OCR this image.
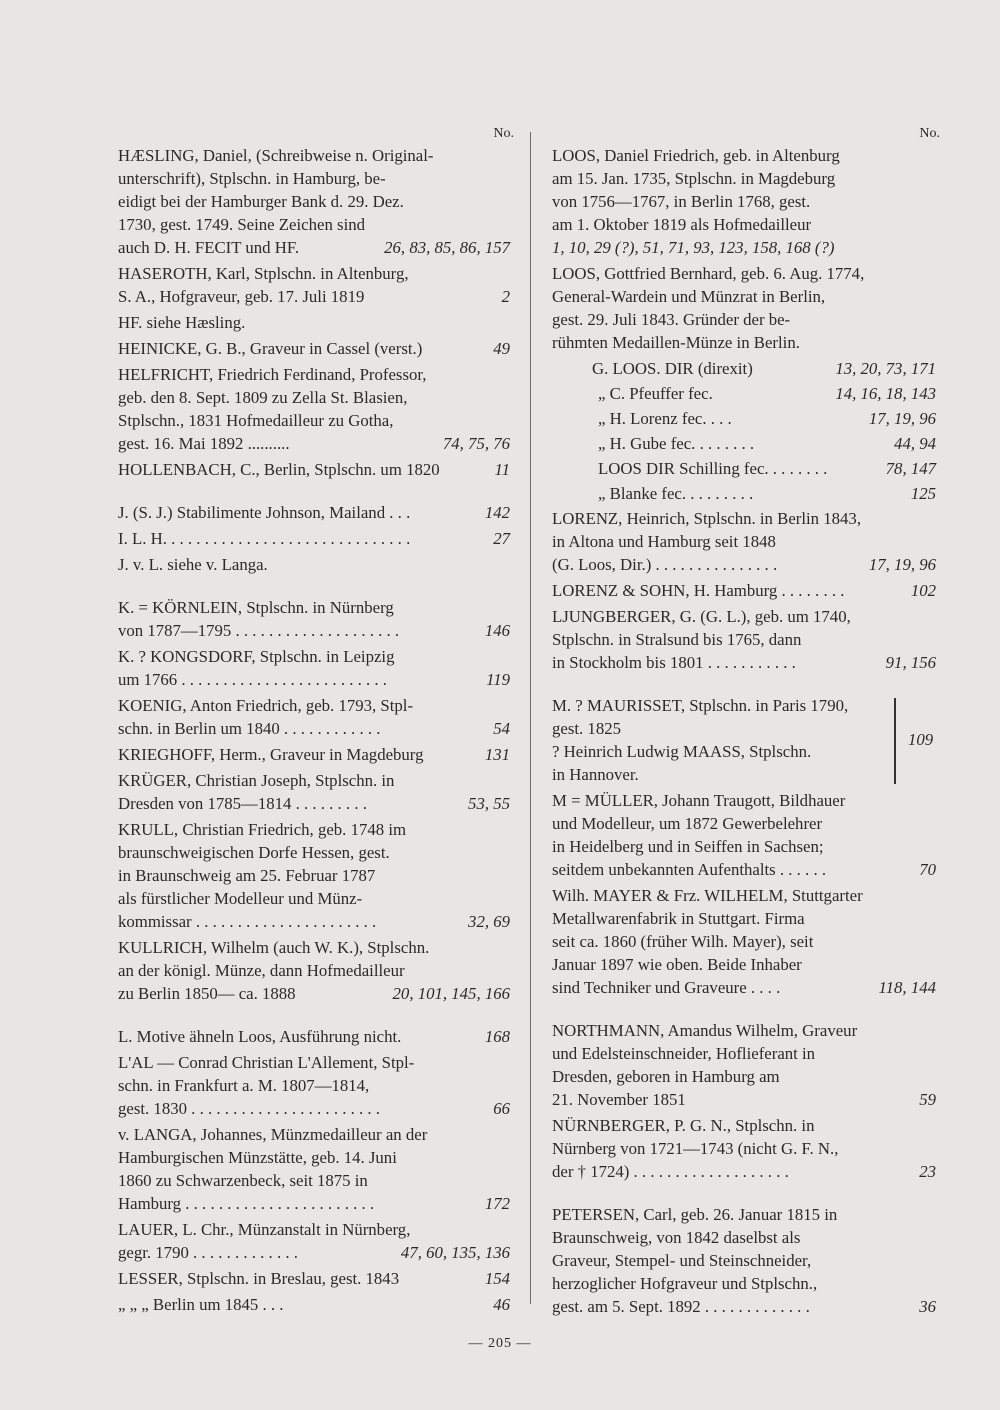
No.
HÆSLING, Daniel, (Schreibweise n. Original-
unterschrift), Stplschn. in Hamburg, be-
eidigt bei der Hamburger Bank d. 29. Dez.
1730, gest. 1749. Seine Zeichen sind
auch D. H. FECIT und HF.	26, 83, 85, 86, 157
HASEROTH, Karl, Stplschn. in Altenburg,
S. A., Hofgraveur, geb. 17. Juli 1819	2
HF. siehe Hæsling.
HEINICKE, G. B., Graveur in Cassel (verst.)	49
HELFRICHT, Friedrich Ferdinand, Professor,
geb. den 8. Sept. 1809 zu Zella St. Blasien,
Stplschn., 1831 Hofmedailleur zu Gotha,
gest. 16. Mai 1892 ..........	74, 75, 76
HOLLENBACH, C., Berlin, Stplschn. um 1820	11
J. (S. J.) Stabilimente Johnson, Mailand . . .	142
I. L. H. . . . . . . . . . . . . . . . . . . . . . . . . . . . . .	27
J. v. L. siehe v. Langa.
K. = KÖRNLEIN, Stplschn. in Nürnberg
von 1787—1795 . . . . . . . . . . . . . . . . . . . .	146
K. ? KONGSDORF, Stplschn. in Leipzig
um 1766 . . . . . . . . . . . . . . . . . . . . . . . . .	119
KOENIG, Anton Friedrich, geb. 1793, Stpl-
schn. in Berlin um 1840 . . . . . . . . . . . .	54
KRIEGHOFF, Herm., Graveur in Magdeburg	131
KRÜGER, Christian Joseph, Stplschn. in
Dresden von 1785—1814 . . . . . . . . .	53, 55
KRULL, Christian Friedrich, geb. 1748 im
braunschweigischen Dorfe Hessen, gest.
in Braunschweig am 25. Februar 1787
als fürstlicher Modelleur und Münz-
kommissar . . . . . . . . . . . . . . . . . . . . . .	32, 69
KULLRICH, Wilhelm (auch W. K.), Stplschn.
an der königl. Münze, dann Hofmedailleur
zu Berlin 1850— ca. 1888	20, 101, 145, 166
L. Motive ähneln Loos, Ausführung nicht.	168
L'AL — Conrad Christian L'Allement, Stpl-
schn. in Frankfurt a. M. 1807—1814,
gest. 1830 . . . . . . . . . . . . . . . . . . . . . . .	66
v. LANGA, Johannes, Münzmedailleur an der
Hamburgischen Münzstätte, geb. 14. Juni
1860 zu Schwarzenbeck, seit 1875 in
Hamburg . . . . . . . . . . . . . . . . . . . . . . .	172
LAUER, L. Chr., Münzanstalt in Nürnberg,
gegr. 1790 . . . . . . . . . . . . .	47, 60, 135, 136
LESSER, Stplschn. in Breslau, gest. 1843	154
„ „ „ Berlin um 1845 . . .	46
No.
LOOS, Daniel Friedrich, geb. in Altenburg
am 15. Jan. 1735, Stplschn. in Magdeburg
von 1756—1767, in Berlin 1768, gest.
am 1. Oktober 1819 als Hofmedailleur
1, 10, 29 (?), 51, 71, 93, 123, 158, 168 (?)
LOOS, Gottfried Bernhard, geb. 6. Aug. 1774,
General-Wardein und Münzrat in Berlin,
gest. 29. Juli 1843. Gründer der be-
rühmten Medaillen-Münze in Berlin.
G. LOOS. DIR (direxit)	13, 20, 73, 171
„ C. Pfeuffer fec.	14, 16, 18, 143
„ H. Lorenz fec. . . .	17, 19, 96
„ H. Gube fec. . . . . . . .	44, 94
LOOS DIR Schilling fec. . . . . . . .	78, 147
„ Blanke fec. . . . . . . . .	125
LORENZ, Heinrich, Stplschn. in Berlin 1843,
in Altona und Hamburg seit 1848
(G. Loos, Dir.) . . . . . . . . . . . . . . .	17, 19, 96
LORENZ & SOHN, H. Hamburg . . . . . . . .	102
LJUNGBERGER, G. (G. L.), geb. um 1740,
Stplschn. in Stralsund bis 1765, dann
in Stockholm bis 1801 . . . . . . . . . . .	91, 156
M. ? MAURISSET, Stplschn. in Paris 1790,
gest. 1825
? Heinrich Ludwig MAASS, Stplschn.
in Hannover.
109
M = MÜLLER, Johann Traugott, Bildhauer
und Modelleur, um 1872 Gewerbelehrer
in Heidelberg und in Seiffen in Sachsen;
seitdem unbekannten Aufenthalts . . . . . .	70
Wilh. MAYER & Frz. WILHELM, Stuttgarter
Metallwarenfabrik in Stuttgart. Firma
seit ca. 1860 (früher Wilh. Mayer), seit
Januar 1897 wie oben. Beide Inhaber
sind Techniker und Graveure . . . .	118, 144
NORTHMANN, Amandus Wilhelm, Graveur
und Edelsteinschneider, Hoflieferant in
Dresden, geboren in Hamburg am
21. November 1851	59
NÜRNBERGER, P. G. N., Stplschn. in
Nürnberg von 1721—1743 (nicht G. F. N.,
der † 1724) . . . . . . . . . . . . . . . . . . .	23
PETERSEN, Carl, geb. 26. Januar 1815 in
Braunschweig, von 1842 daselbst als
Graveur, Stempel- und Steinschneider,
herzoglicher Hofgraveur und Stplschn.,
gest. am 5. Sept. 1892 . . . . . . . . . . . . .	36
— 205 —
